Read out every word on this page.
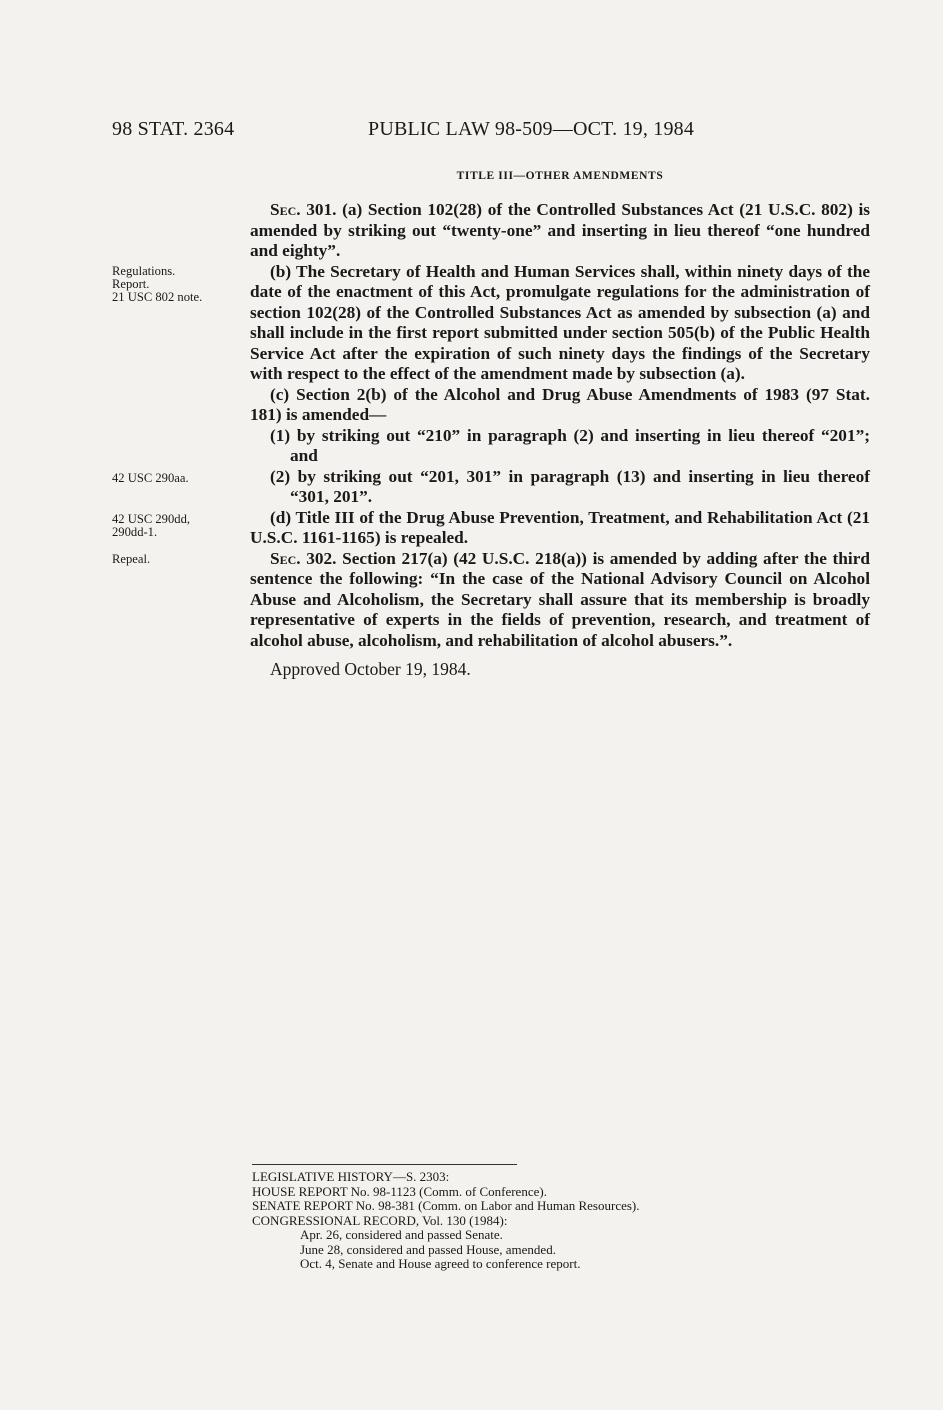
98 STAT. 2364	PUBLIC LAW 98-509—OCT. 19, 1984
TITLE III—OTHER AMENDMENTS
Regulations.
Report.
21 USC 802 note.
42 USC 290aa.
42 USC 290dd,
290dd-1.
Repeal.

Sec. 301. (a) Section 102(28) of the Controlled Substances Act (21 U.S.C. 802) is amended by striking out “twenty-one” and inserting in lieu thereof “one hundred and eighty”.

(b) The Secretary of Health and Human Services shall, within ninety days of the date of the enactment of this Act, promulgate regulations for the administration of section 102(28) of the Controlled Substances Act as amended by subsection (a) and shall include in the first report submitted under section 505(b) of the Public Health Service Act after the expiration of such ninety days the findings of the Secretary with respect to the effect of the amendment made by subsection (a).

(c) Section 2(b) of the Alcohol and Drug Abuse Amendments of 1983 (97 Stat. 181) is amended—

(1) by striking out “210” in paragraph (2) and inserting in lieu thereof “201”; and

(2) by striking out “201, 301” in paragraph (13) and inserting in lieu thereof “301, 201”.

(d) Title III of the Drug Abuse Prevention, Treatment, and Rehabilitation Act (21 U.S.C. 1161-1165) is repealed.

Sec. 302. Section 217(a) (42 U.S.C. 218(a)) is amended by adding after the third sentence the following: “In the case of the National Advisory Council on Alcohol Abuse and Alcoholism, the Secretary shall assure that its membership is broadly representative of experts in the fields of prevention, research, and treatment of alcohol abuse, alcoholism, and rehabilitation of alcohol abusers.”.

Approved October 19, 1984.

LEGISLATIVE HISTORY—S. 2303:
HOUSE REPORT No. 98-1123 (Comm. of Conference).
SENATE REPORT No. 98-381 (Comm. on Labor and Human Resources).
CONGRESSIONAL RECORD, Vol. 130 (1984):
Apr. 26, considered and passed Senate.
June 28, considered and passed House, amended.
Oct. 4, Senate and House agreed to conference report.
